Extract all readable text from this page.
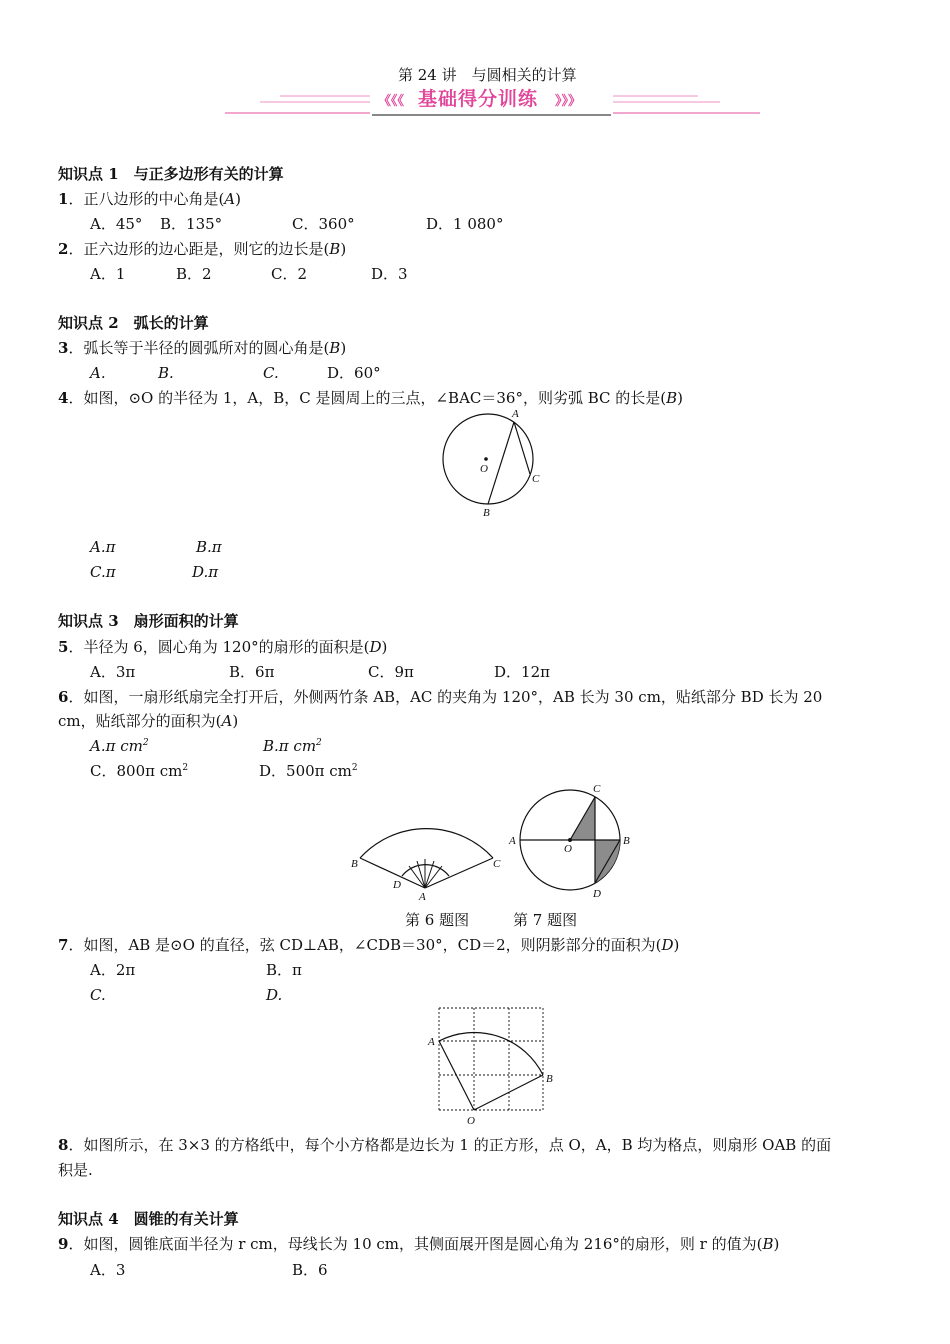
第 24 讲　与圆相关的计算
《《《 基础得分训练 》》》
知识点 1　与正多边形有关的计算
1．正八边形的中心角是(A)
A．45° B．135°	C．360°	D．1 080°
2．正六边形的边心距是，则它的边长是(B)
A．1	B．2	C．2	D．3
知识点 2　弧长的计算
3．弧长等于半径的圆弧所对的圆心角是(B)
A.	B.	C.	D．60°
4．如图，⊙O 的半径为 1，A，B，C 是圆周上的三点，∠BAC＝36°，则劣弧 BC 的长是(B)
A
O
C
B
A.π	B.π
C.π	D.π
知识点 3　扇形面积的计算
5．半径为 6，圆心角为 120°的扇形的面积是(D)
A．3π	B．6π	C．9π	D．12π
6．如图，一扇形纸扇完全打开后，外侧两竹条 AB，AC 的夹角为 120°，AB 长为 30 cm，贴纸部分 BD 长为 20
cm，贴纸部分的面积为(A)
A.π $cm^2$	B.π $cm^2$
C．800π $cm^2$	D．500π $cm^2$
B
D
A
C
A
O
B
C
D
第 6 题图	第 7 题图
7．如图，AB 是⊙O 的直径，弦 CD⊥AB，∠CDB＝30°，CD＝2，则阴影部分的面积为(D)
A．2π	B．π
C.	D.
A
B
O
8．如图所示，在 3×3 的方格纸中，每个小方格都是边长为 1 的正方形，点 O，A，B 均为格点，则扇形 OAB 的面
积是.
知识点 4　圆锥的有关计算
9．如图，圆锥底面半径为 r cm，母线长为 10 cm，其侧面展开图是圆心角为 216°的扇形，则 r 的值为(B)
A．3	B．6
